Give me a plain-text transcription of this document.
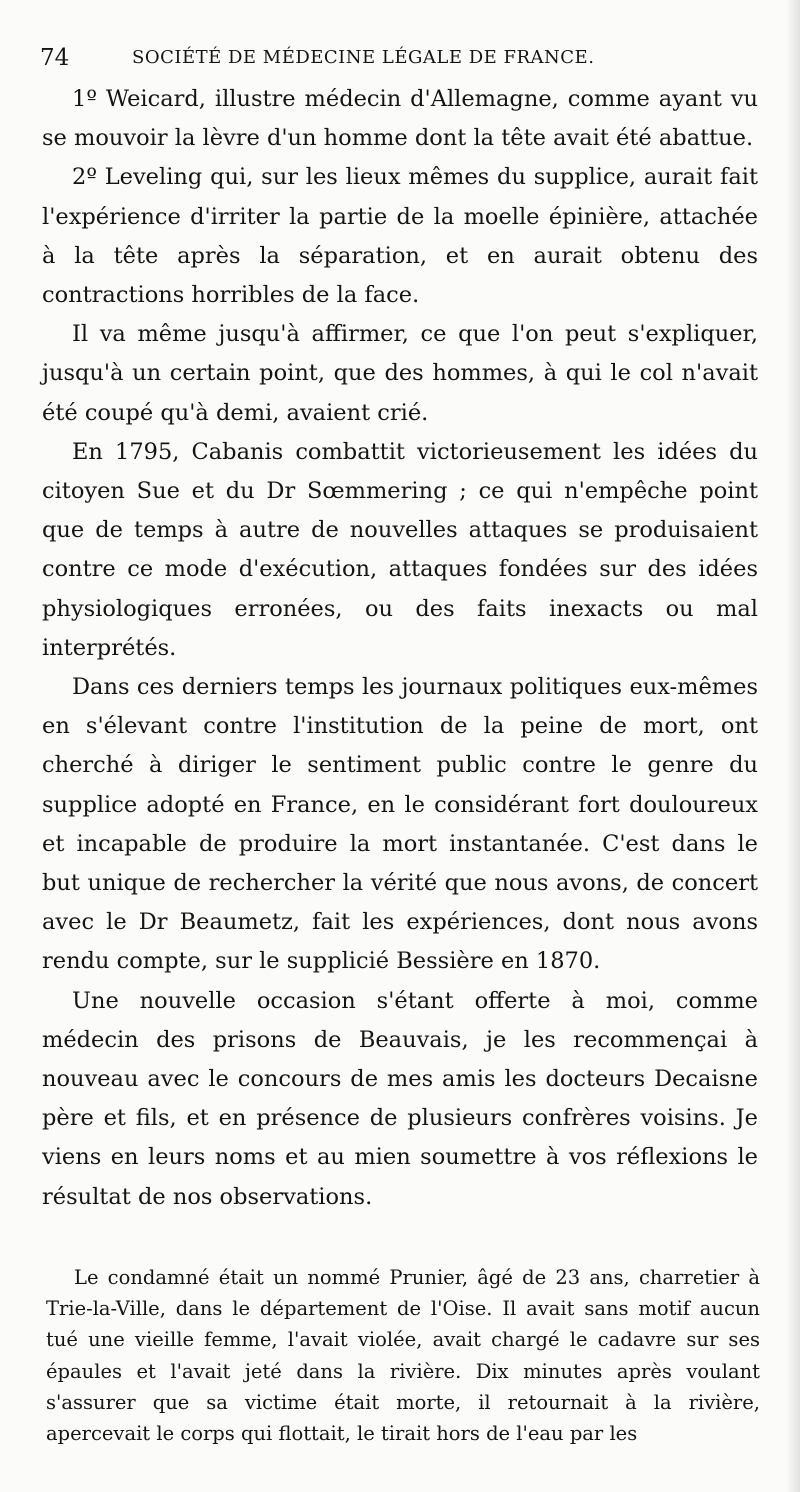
74	SOCIÉTÉ DE MÉDECINE LÉGALE DE FRANCE.

1º Weicard, illustre médecin d'Allemagne, comme ayant vu se mouvoir la lèvre d'un homme dont la tête avait été abattue.

2º Leveling qui, sur les lieux mêmes du supplice, aurait fait l'expérience d'irriter la partie de la moelle épinière, attachée à la tête après la séparation, et en aurait obtenu des contractions horribles de la face.

Il va même jusqu'à affirmer, ce que l'on peut s'expliquer, jusqu'à un certain point, que des hommes, à qui le col n'avait été coupé qu'à demi, avaient crié.

En 1795, Cabanis combattit victorieusement les idées du citoyen Sue et du Dr Sœmmering ; ce qui n'empêche point que de temps à autre de nouvelles attaques se produisaient contre ce mode d'exécution, attaques fondées sur des idées physiologiques erronées, ou des faits inexacts ou mal interprétés.

Dans ces derniers temps les journaux politiques eux-mêmes en s'élevant contre l'institution de la peine de mort, ont cherché à diriger le sentiment public contre le genre du supplice adopté en France, en le considérant fort douloureux et incapable de produire la mort instantanée. C'est dans le but unique de rechercher la vérité que nous avons, de concert avec le Dr Beaumetz, fait les expériences, dont nous avons rendu compte, sur le supplicié Bessière en 1870.

Une nouvelle occasion s'étant offerte à moi, comme médecin des prisons de Beauvais, je les recommençai à nouveau avec le concours de mes amis les docteurs Decaisne père et fils, et en présence de plusieurs confrères voisins. Je viens en leurs noms et au mien soumettre à vos réflexions le résultat de nos observations.

Le condamné était un nommé Prunier, âgé de 23 ans, charretier à Trie-la-Ville, dans le département de l'Oise. Il avait sans motif aucun tué une vieille femme, l'avait violée, avait chargé le cadavre sur ses épaules et l'avait jeté dans la rivière. Dix minutes après voulant s'assurer que sa victime était morte, il retournait à la rivière, apercevait le corps qui flottait, le tirait hors de l'eau par les
